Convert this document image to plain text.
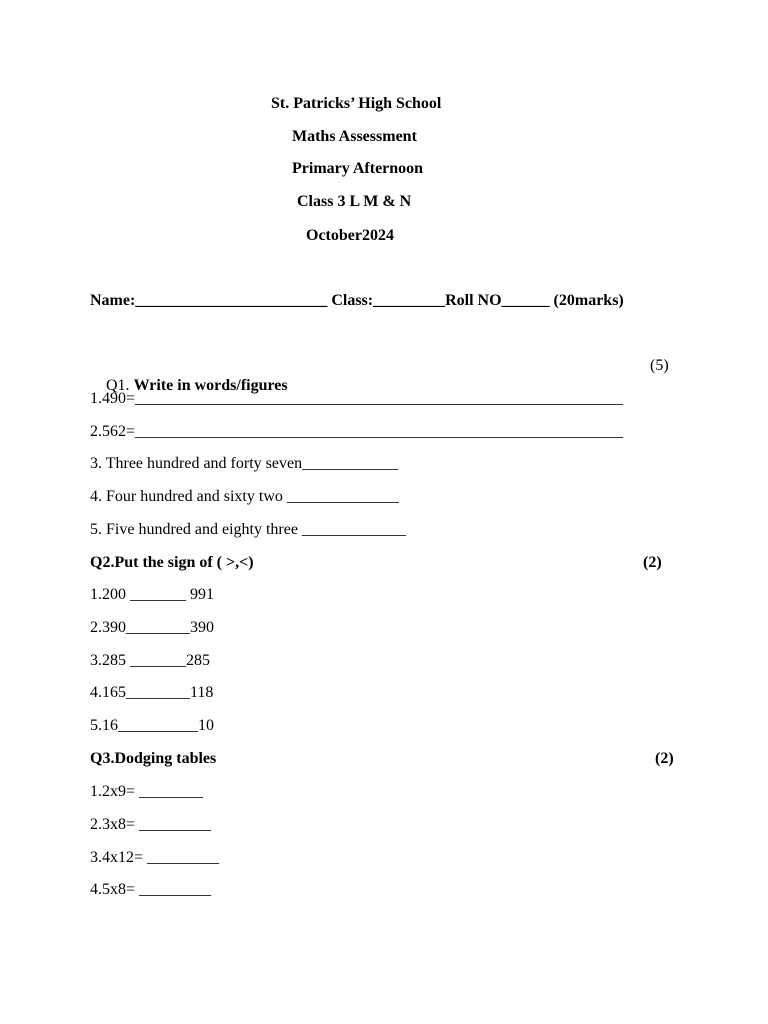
St. Patricks’ High School
Maths Assessment
Primary Afternoon
Class 3 L M & N
October2024
Name:________________________ Class:_________Roll NO______ (20marks)

Q1. Write in words/figures

(5)
1.490=_____________________________________________________________
2.562=_____________________________________________________________
3. Three hundred and forty seven____________
4. Four hundred and sixty two ______________
5. Five hundred and eighty three _____________
Q2.Put the sign of ( >,<)	(2)
1.200 _______ 991
2.390________390
3.285 _______285
4.165________118
5.16__________10
Q3.Dodging tables	(2)
1.2x9= ________
2.3x8= _________
3.4x12= _________
4.5x8= _________
